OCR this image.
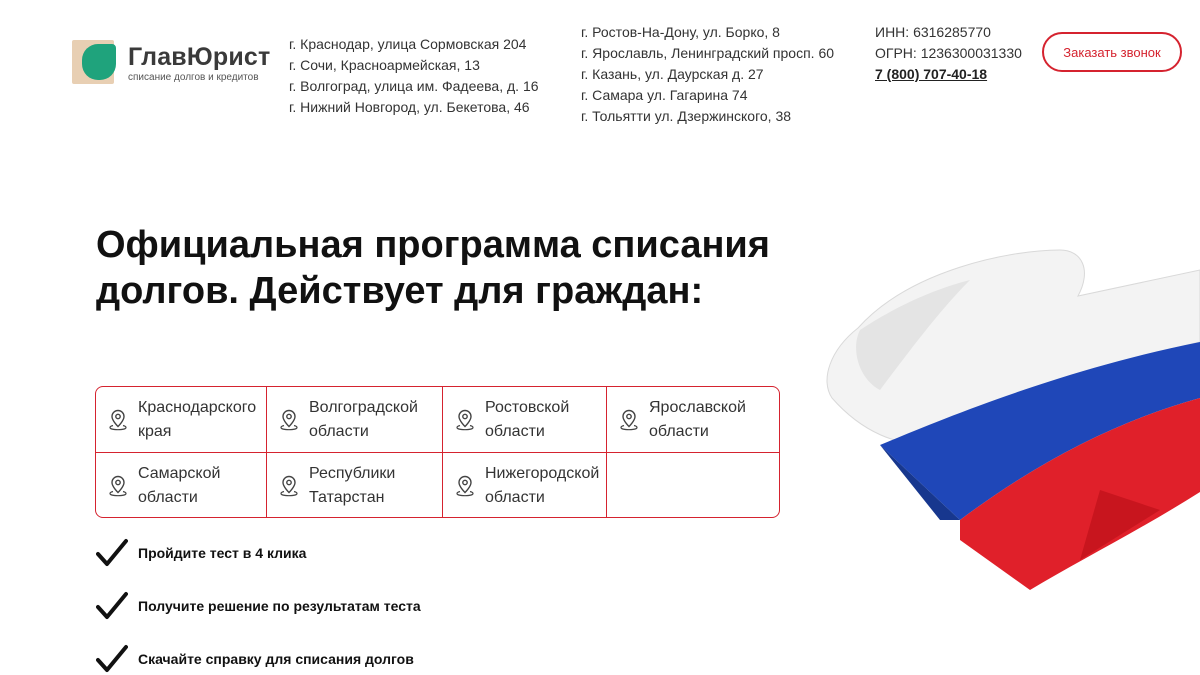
ГлавЮрист
списание долгов и кредитов
г. Краснодар, улица Сормовская 204
г. Сочи, Красноармейская, 13
г. Волгоград, улица им. Фадеева, д. 16
г. Нижний Новгород, ул. Бекетова, 46
г. Ростов-На-Дону, ул. Борко, 8
г. Ярославль, Ленинградский просп. 60
г. Казань, ул. Даурская д. 27
г. Самара ул. Гагарина 74
г. Тольятти ул. Дзержинского, 38
ИНН: 6316285770
ОГРН: 1236300031330
7 (800) 707-40-18
Заказать звонок
Официальная программа списания долгов. Действует для граждан:
Краснодарского края
Волгоградской области
Ростовской области
Ярославской области
Самарской области
Республики Татарстан
Нижегородской области
Пройдите тест в 4 клика
Получите решение по результатам теста
Скачайте справку для списания долгов
